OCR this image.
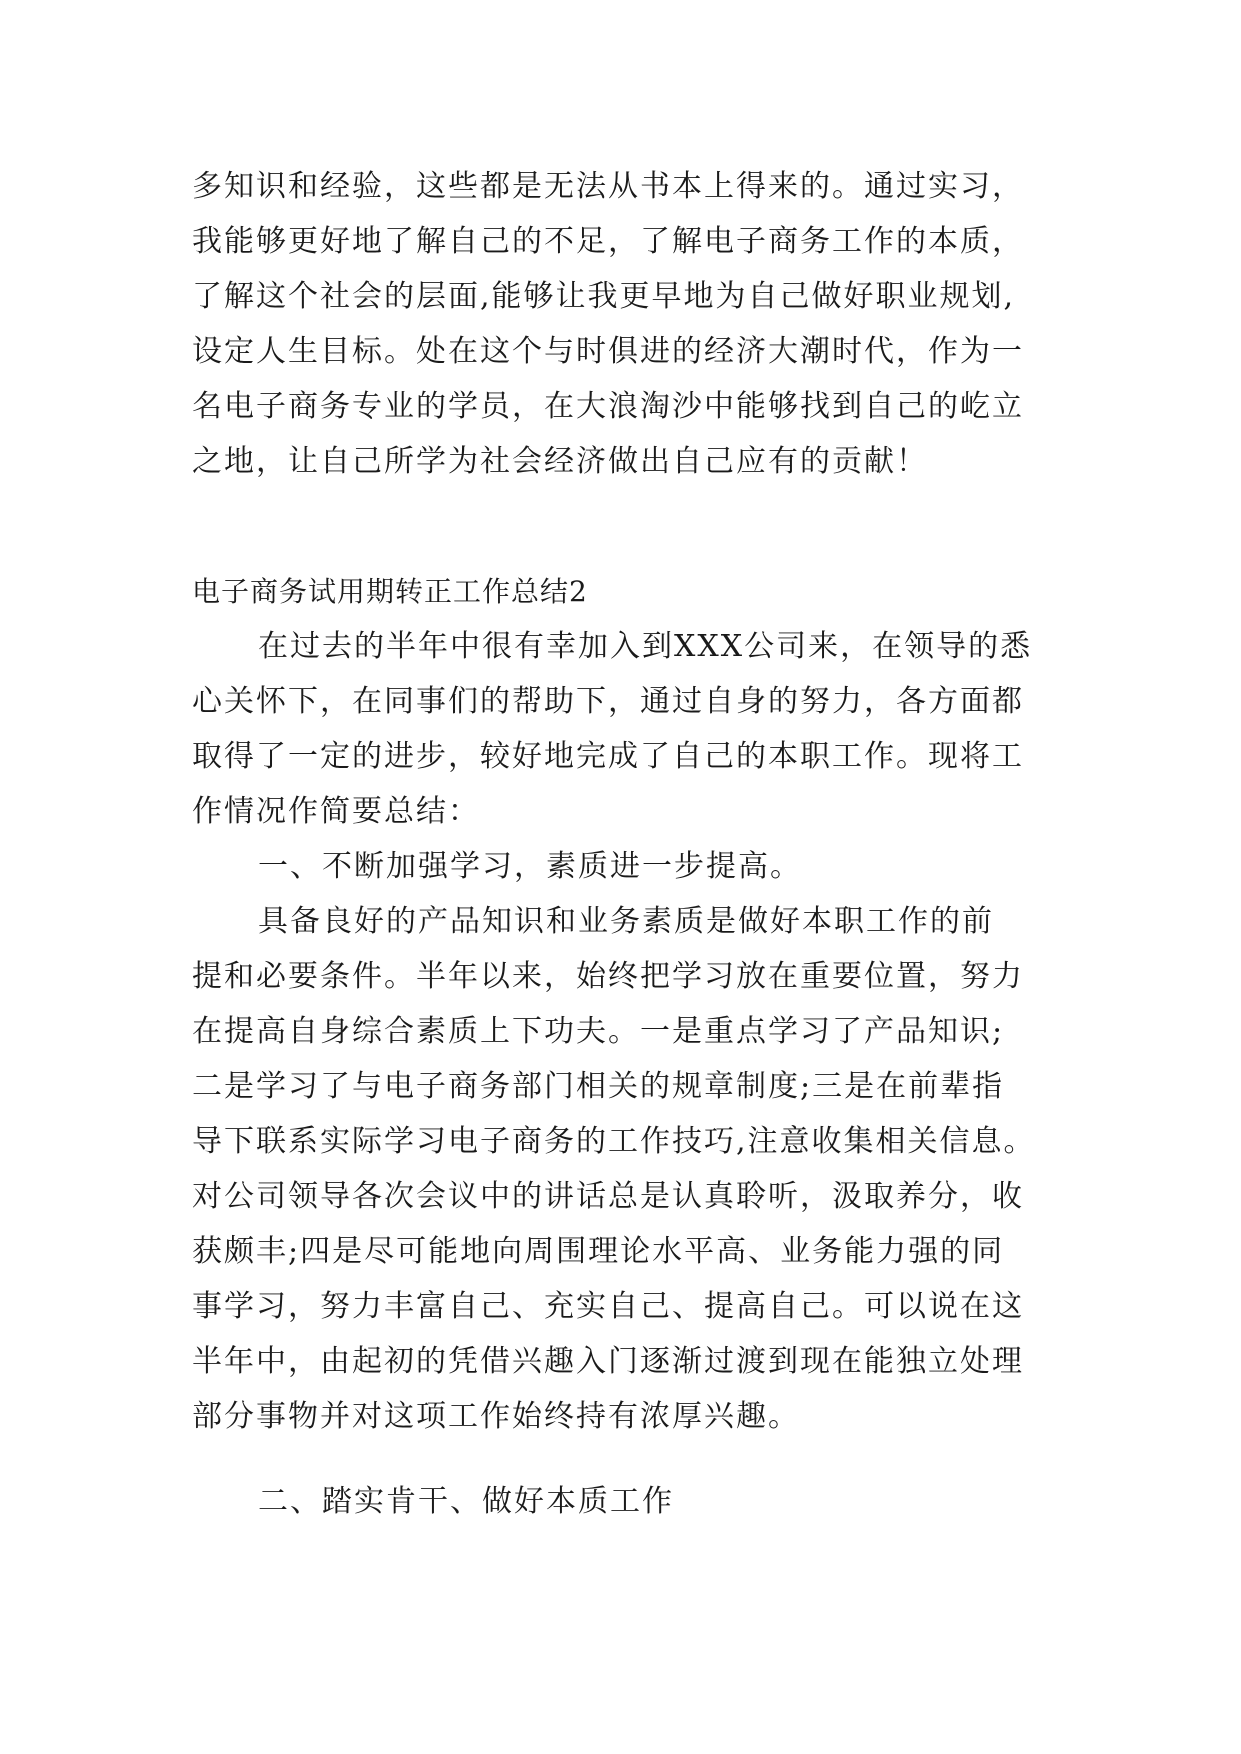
多知识和经验，这些都是无法从书本上得来的。通过实习，
我能够更好地了解自己的不足，了解电子商务工作的本质，
了解这个社会的层面,能够让我更早地为自己做好职业规划,
设定人生目标。处在这个与时俱进的经济大潮时代，作为一
名电子商务专业的学员，在大浪淘沙中能够找到自己的屹立
之地，让自己所学为社会经济做出自己应有的贡献！
电子商务试用期转正工作总结2
在过去的半年中很有幸加入到XXX公司来，在领导的悉
心关怀下，在同事们的帮助下，通过自身的努力，各方面都
取得了一定的进步，较好地完成了自己的本职工作。现将工
作情况作简要总结：
一、不断加强学习，素质进一步提高。
具备良好的产品知识和业务素质是做好本职工作的前
提和必要条件。半年以来，始终把学习放在重要位置，努力
在提高自身综合素质上下功夫。一是重点学习了产品知识;
二是学习了与电子商务部门相关的规章制度;三是在前辈指
导下联系实际学习电子商务的工作技巧,注意收集相关信息。
对公司领导各次会议中的讲话总是认真聆听，汲取养分，收
获颇丰;四是尽可能地向周围理论水平高、业务能力强的同
事学习，努力丰富自己、充实自己、提高自己。可以说在这
半年中，由起初的凭借兴趣入门逐渐过渡到现在能独立处理
部分事物并对这项工作始终持有浓厚兴趣。
二、踏实肯干、做好本质工作
